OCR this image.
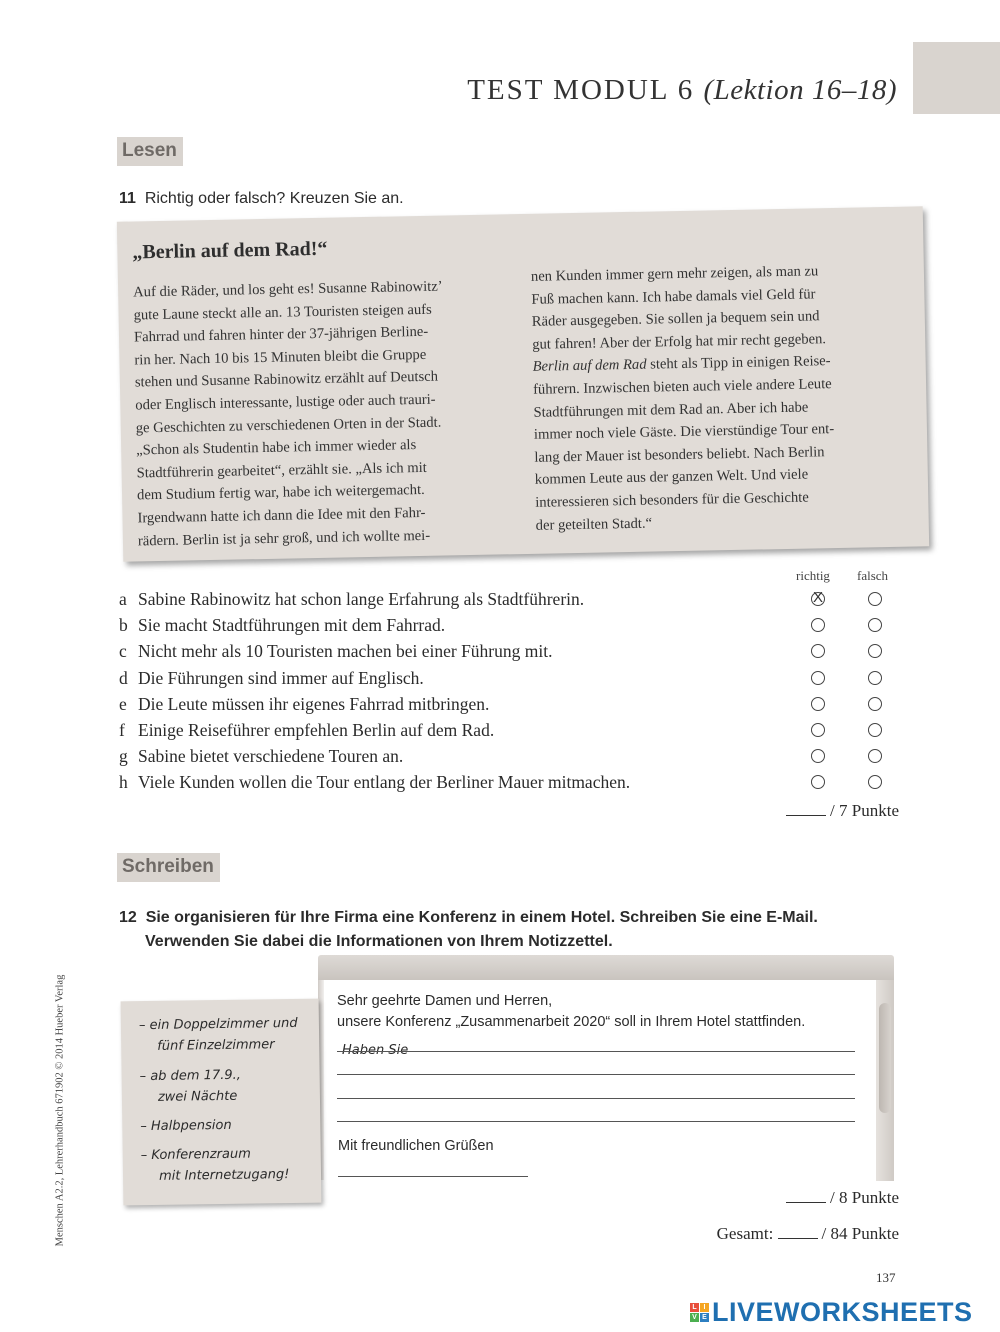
TEST MODUL 6 (Lektion 16–18)
Lesen
11 Richtig oder falsch? Kreuzen Sie an.
„Berlin auf dem Rad!“

Auf die Räder, und los geht es! Susanne Rabinowitz’

gute Laune steckt alle an. 13 Touristen steigen aufs

Fahrrad und fahren hinter der 37-jährigen Berline-

rin her. Nach 10 bis 15 Minuten bleibt die Gruppe

stehen und Susanne Rabinowitz erzählt auf Deutsch

oder Englisch interessante, lustige oder auch trauri-

ge Geschichten zu verschiedenen Orten in der Stadt.

„Schon als Studentin habe ich immer wieder als

Stadtführerin gearbeitet“, erzählt sie. „Als ich mit

dem Studium fertig war, habe ich weitergemacht.

Irgendwann hatte ich dann die Idee mit den Fahr-

rädern. Berlin ist ja sehr groß, und ich wollte mei-

nen Kunden immer gern mehr zeigen, als man zu

Fuß machen kann. Ich habe damals viel Geld für

Räder ausgegeben. Sie sollen ja bequem sein und

gut fahren! Aber der Erfolg hat mir recht gegeben.

Berlin auf dem Rad steht als Tipp in einigen Reise-

führern. Inzwischen bieten auch viele andere Leute

Stadtführungen mit dem Rad an. Aber ich habe

immer noch viele Gäste. Die vierstündige Tour ent-

lang der Mauer ist besonders beliebt. Nach Berlin

kommen Leute aus der ganzen Welt. Und viele

interessieren sich besonders für die Geschichte

der geteilten Stadt.“

richtig falsch
a Sabine Rabinowitz hat schon lange Erfahrung als Stadtführerin.
X
b Sie macht Stadtführungen mit dem Fahrrad.
c Nicht mehr als 10 Touristen machen bei einer Führung mit.
d Die Führungen sind immer auf Englisch.
e Die Leute müssen ihr eigenes Fahrrad mitbringen.
f Einige Reiseführer empfehlen Berlin auf dem Rad.
g Sabine bietet verschiedene Touren an.
h Viele Kunden wollen die Tour entlang der Berliner Mauer mitmachen.
/ 7 Punkte
Schreiben
12 Sie organisieren für Ihre Firma eine Konferenz in einem Hotel. Schreiben Sie eine E-Mail.
Verwenden Sie dabei die Informationen von Ihrem Notizzettel.
Sehr geehrte Damen und Herren,
unsere Konferenz „Zusammenarbeit 2020“ soll in Ihrem Hotel stattfinden.
Haben Sie
Mit freundlichen Grüßen
– ein Doppelzimmer und
fünf Einzelzimmer
– ab dem 17.9.,
zwei Nächte
– Halbpension
– Konferenzraum
mit Internetzugang!
/ 8 Punkte
Gesamt:	/ 84 Punkte
Menschen A2.2, Lehrerhandbuch 671902 © 2014 Hueber Verlag
137
L I
V E LIVEWORKSHEETS
